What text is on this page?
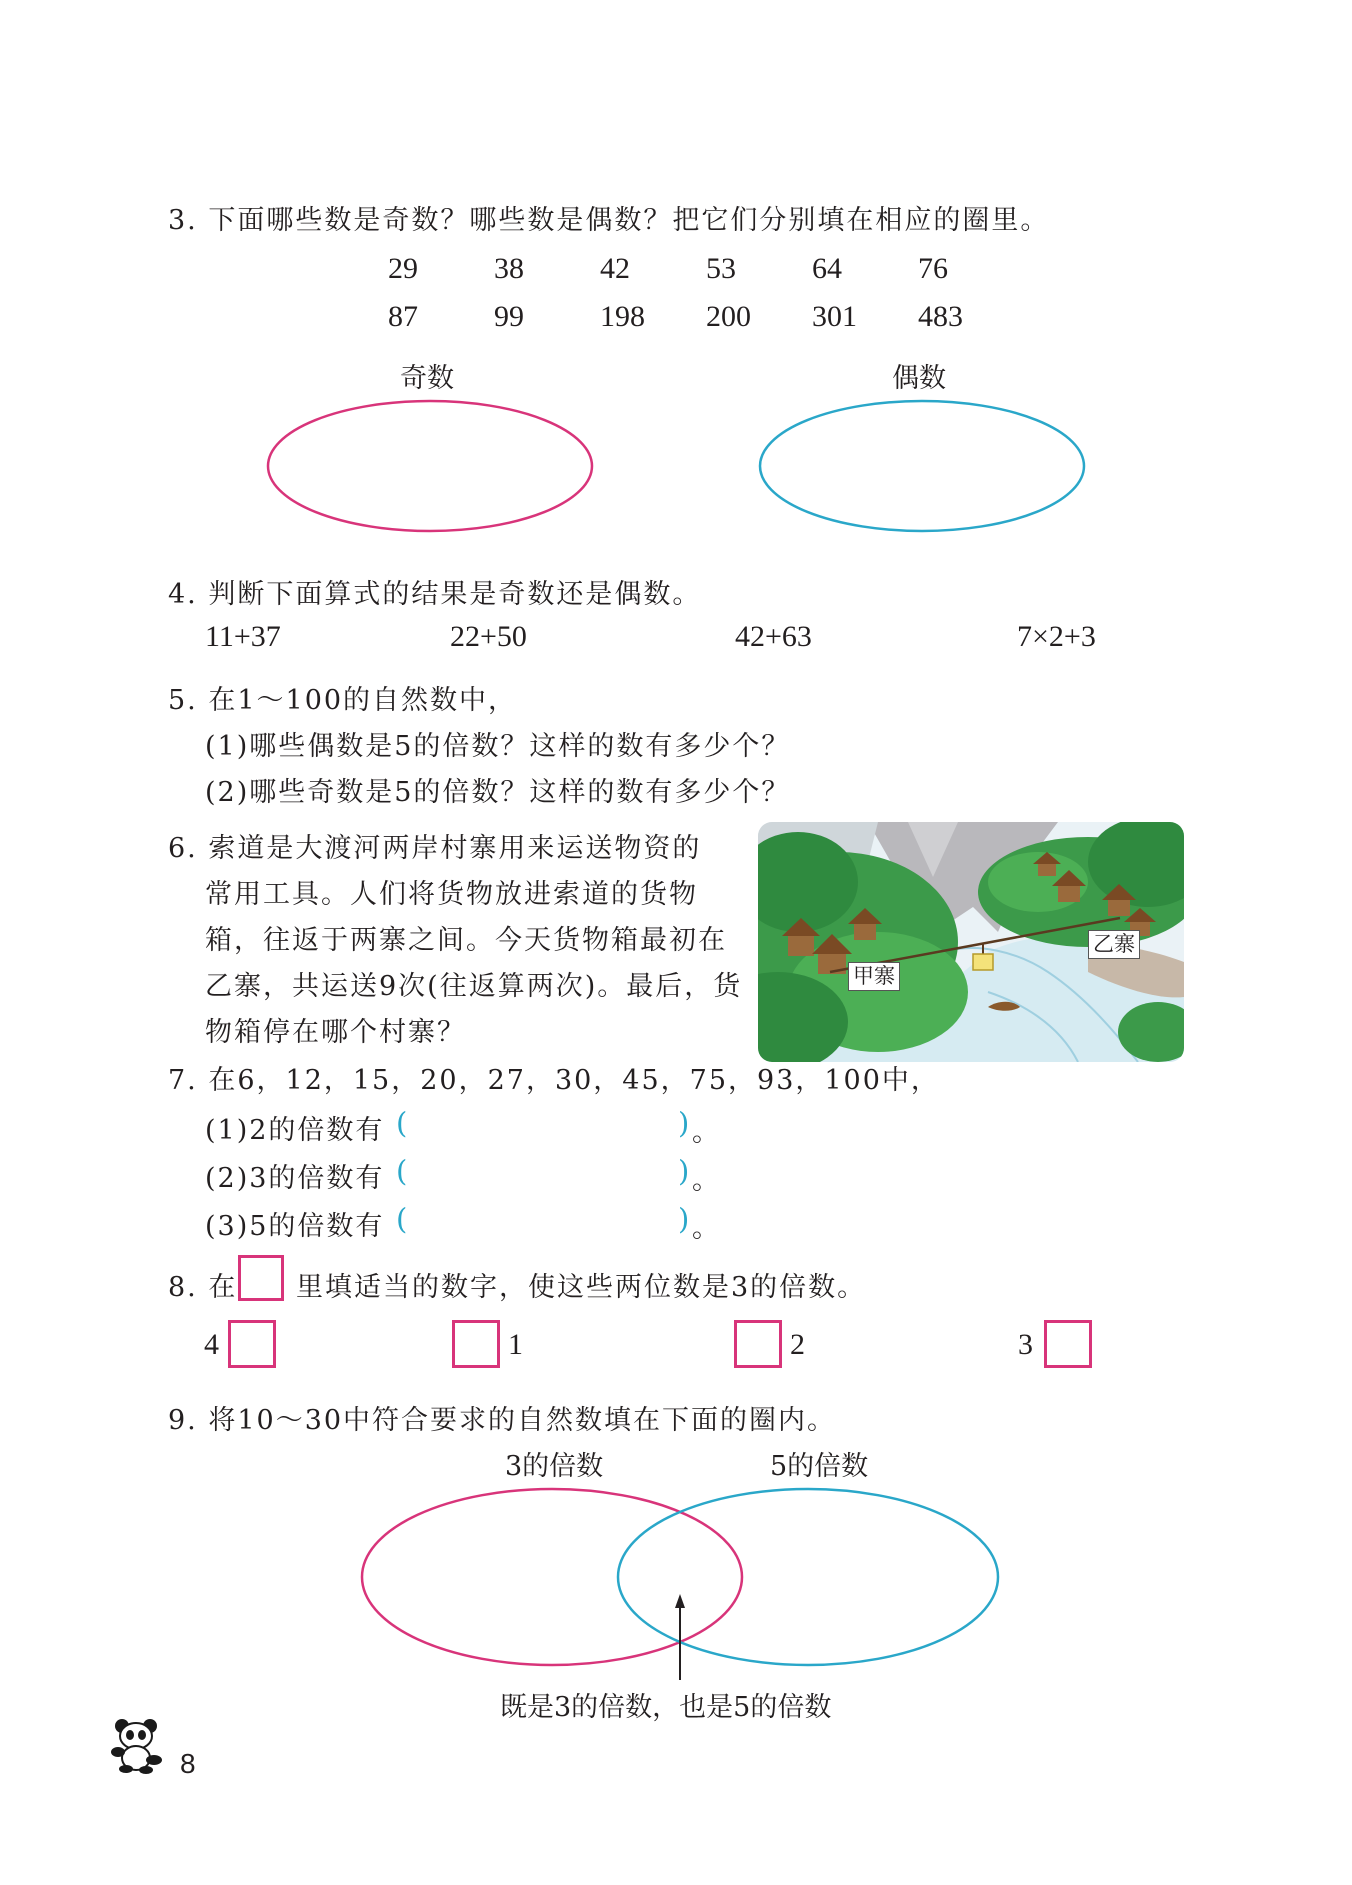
3. 下面哪些数是奇数？哪些数是偶数？把它们分别填在相应的圈里。
29	38	42	53	64	76
87	99	198 200 301 483
奇数	偶数
4. 判断下面算式的结果是奇数还是偶数。
11+37	22+50	42+63	7×2+3
5. 在1～100的自然数中，
(1)哪些偶数是5的倍数？这样的数有多少个？
(2)哪些奇数是5的倍数？这样的数有多少个？
6. 索道是大渡河两岸村寨用来运送物资的
常用工具。人们将货物放进索道的货物
箱，往返于两寨之间。今天货物箱最初在
乙寨，共运送9次(往返算两次)。最后，货
物箱停在哪个村寨？
甲寨
乙寨
7. 在6，12，15，20，27，30，45，75，93，100中，
(1)2的倍数有 (	) 。
(2)3的倍数有 (	) 。
(3)5的倍数有 (	) 。
8. 在 里填适当的数字，使这些两位数是3的倍数。
4	1	2	3
9. 将10～30中符合要求的自然数填在下面的圈内。
3的倍数	5的倍数
既是3的倍数，也是5的倍数
8
